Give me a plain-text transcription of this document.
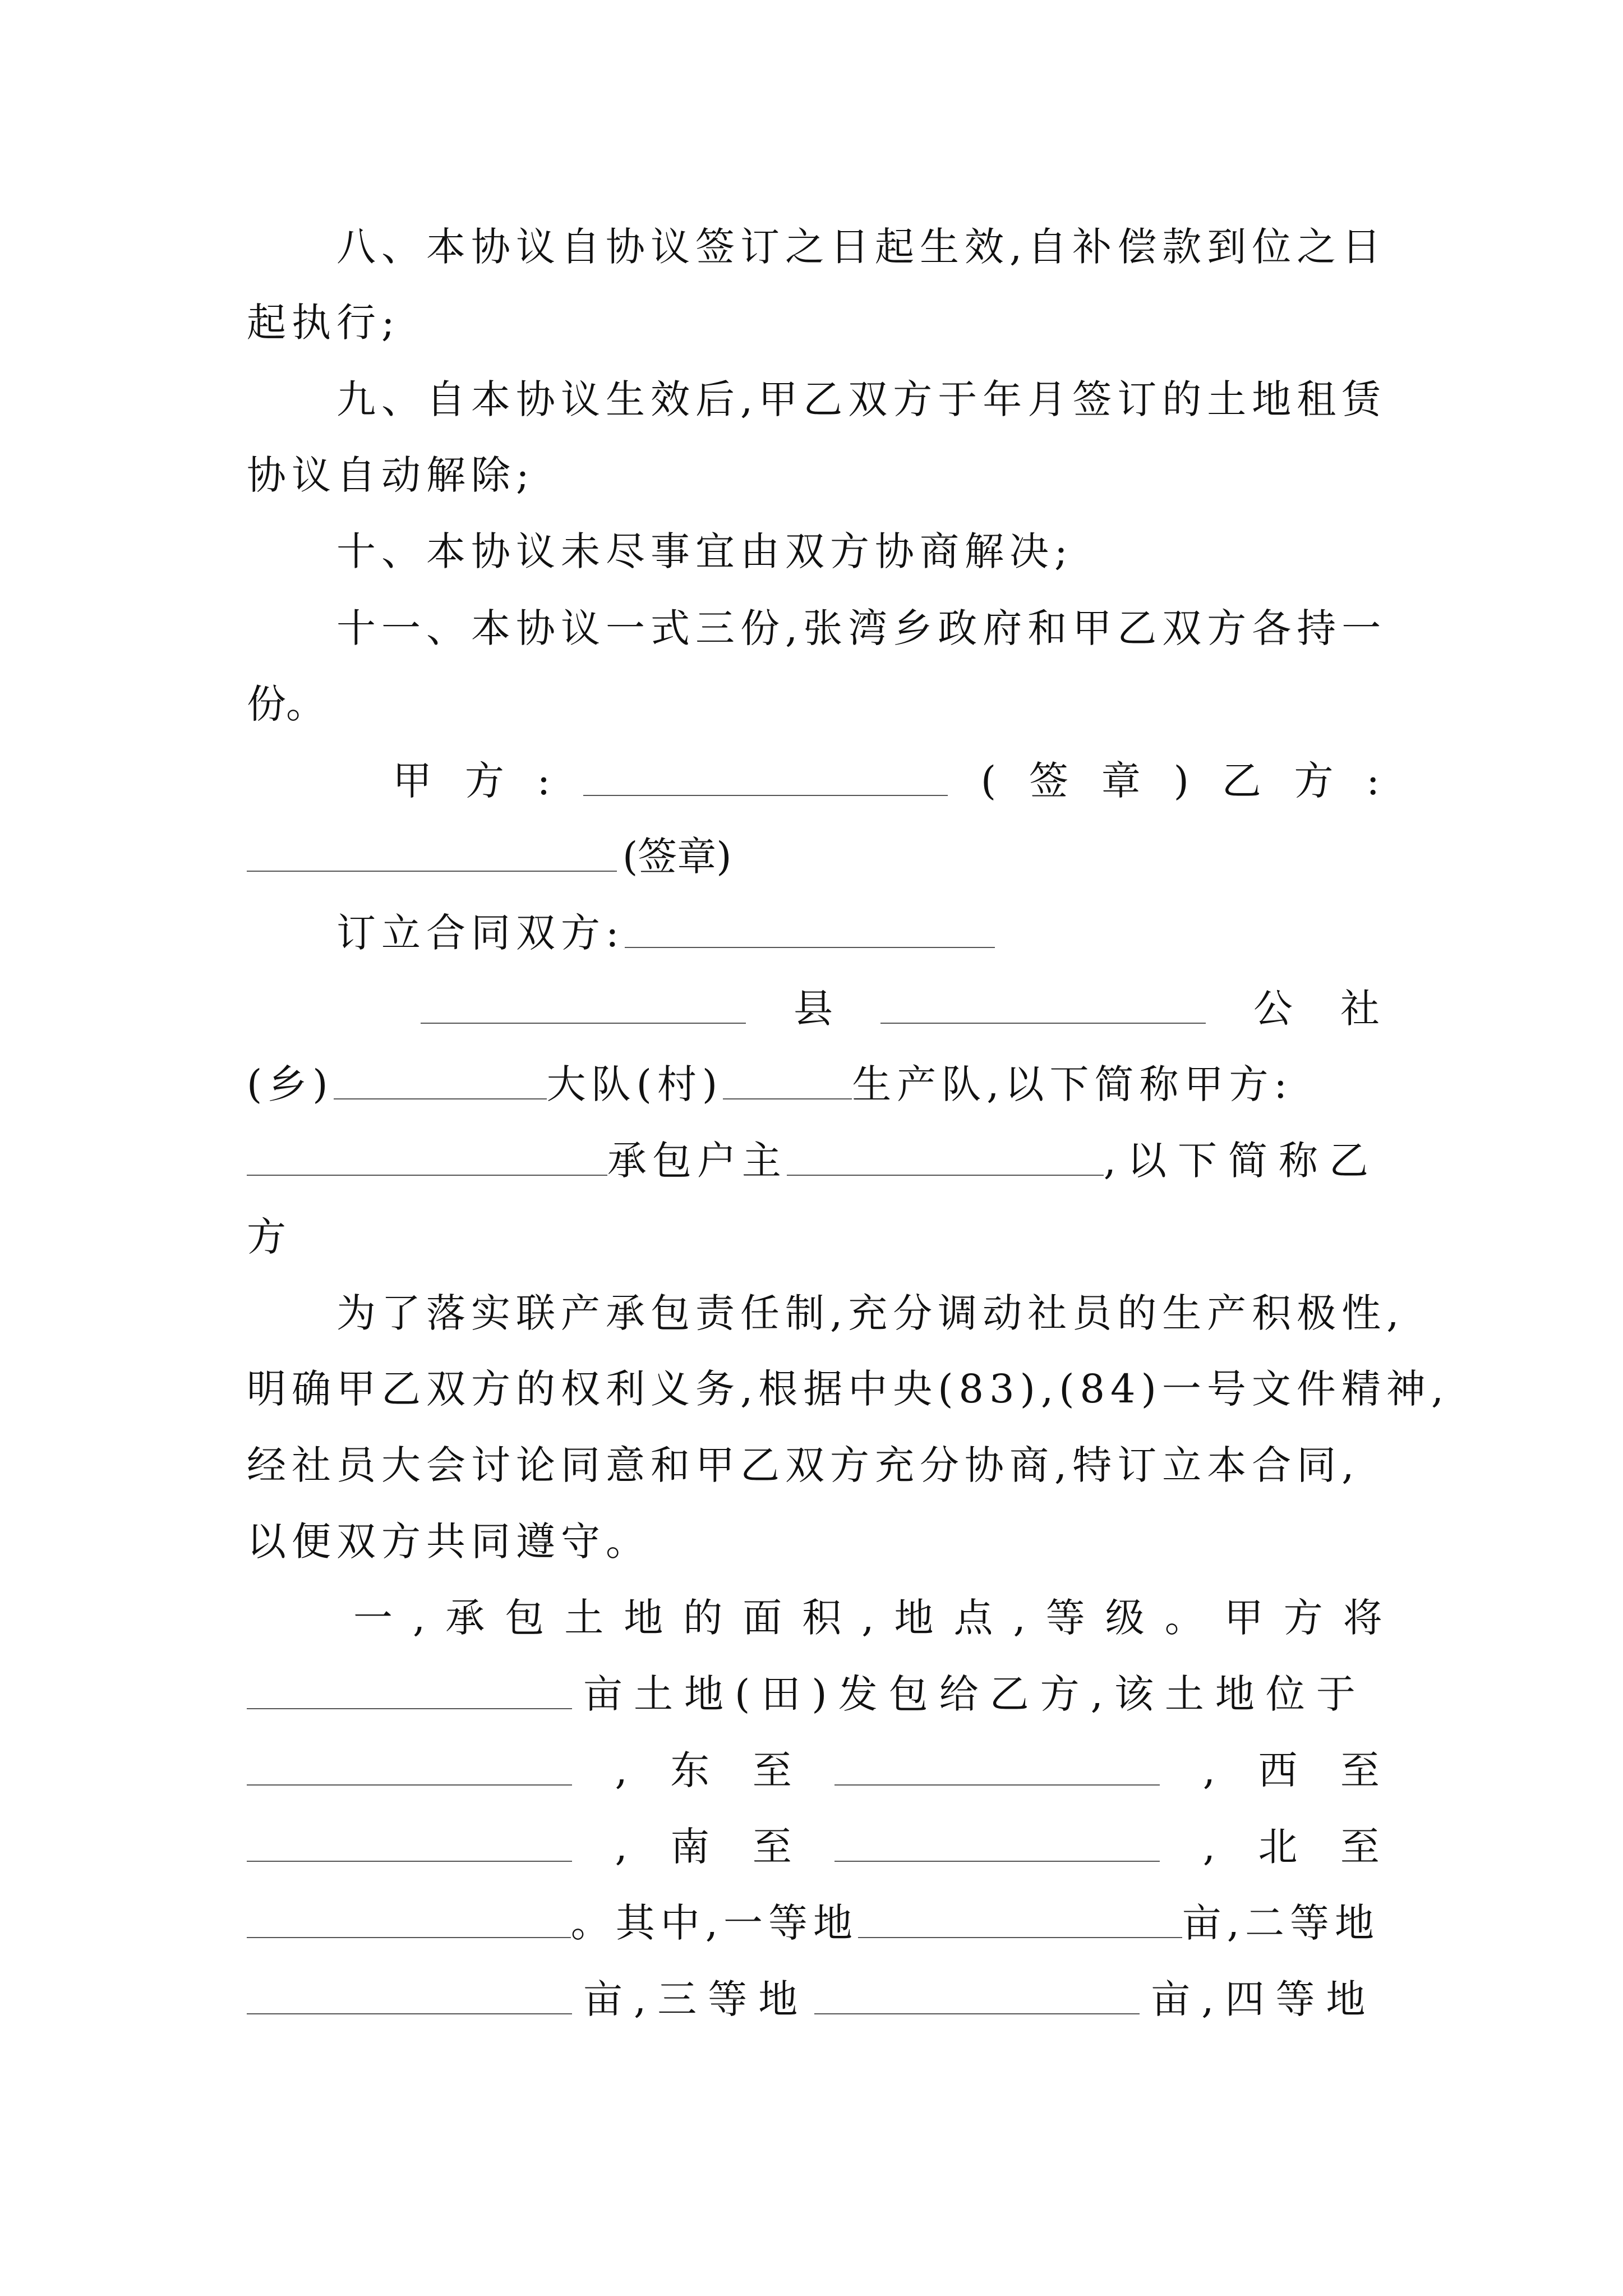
八、本协议自协议签订之日起生效,自补偿款到位之日
起执行;
九、自本协议生效后,甲乙双方于年月签订的土地租赁
协议自动解除;
十、本协议未尽事宜由双方协商解决;
十一、本协议一式三份,张湾乡政府和甲乙双方各持一
份。
甲 方 :	( 签 章 ) 乙 方 :
(签章)
订立合同双方:
县	公 社
(乡)	大队(村)	生产队,以下简称甲方:
承包户主	,以下简称乙
方
为了落实联产承包责任制,充分调动社员的生产积极性,
明确甲乙双方的权利义务,根据中央(83),(84)一号文件精神,
经社员大会讨论同意和甲乙双方充分协商,特订立本合同,
以便双方共同遵守。
一,承包土地的面积,地点,等级。甲方将
亩土地(田)发包给乙方,该土地位于
, 东 至	, 西 至
, 南 至	, 北 至
。其中,一等地	亩,二等地
亩,三等地	亩,四等地
